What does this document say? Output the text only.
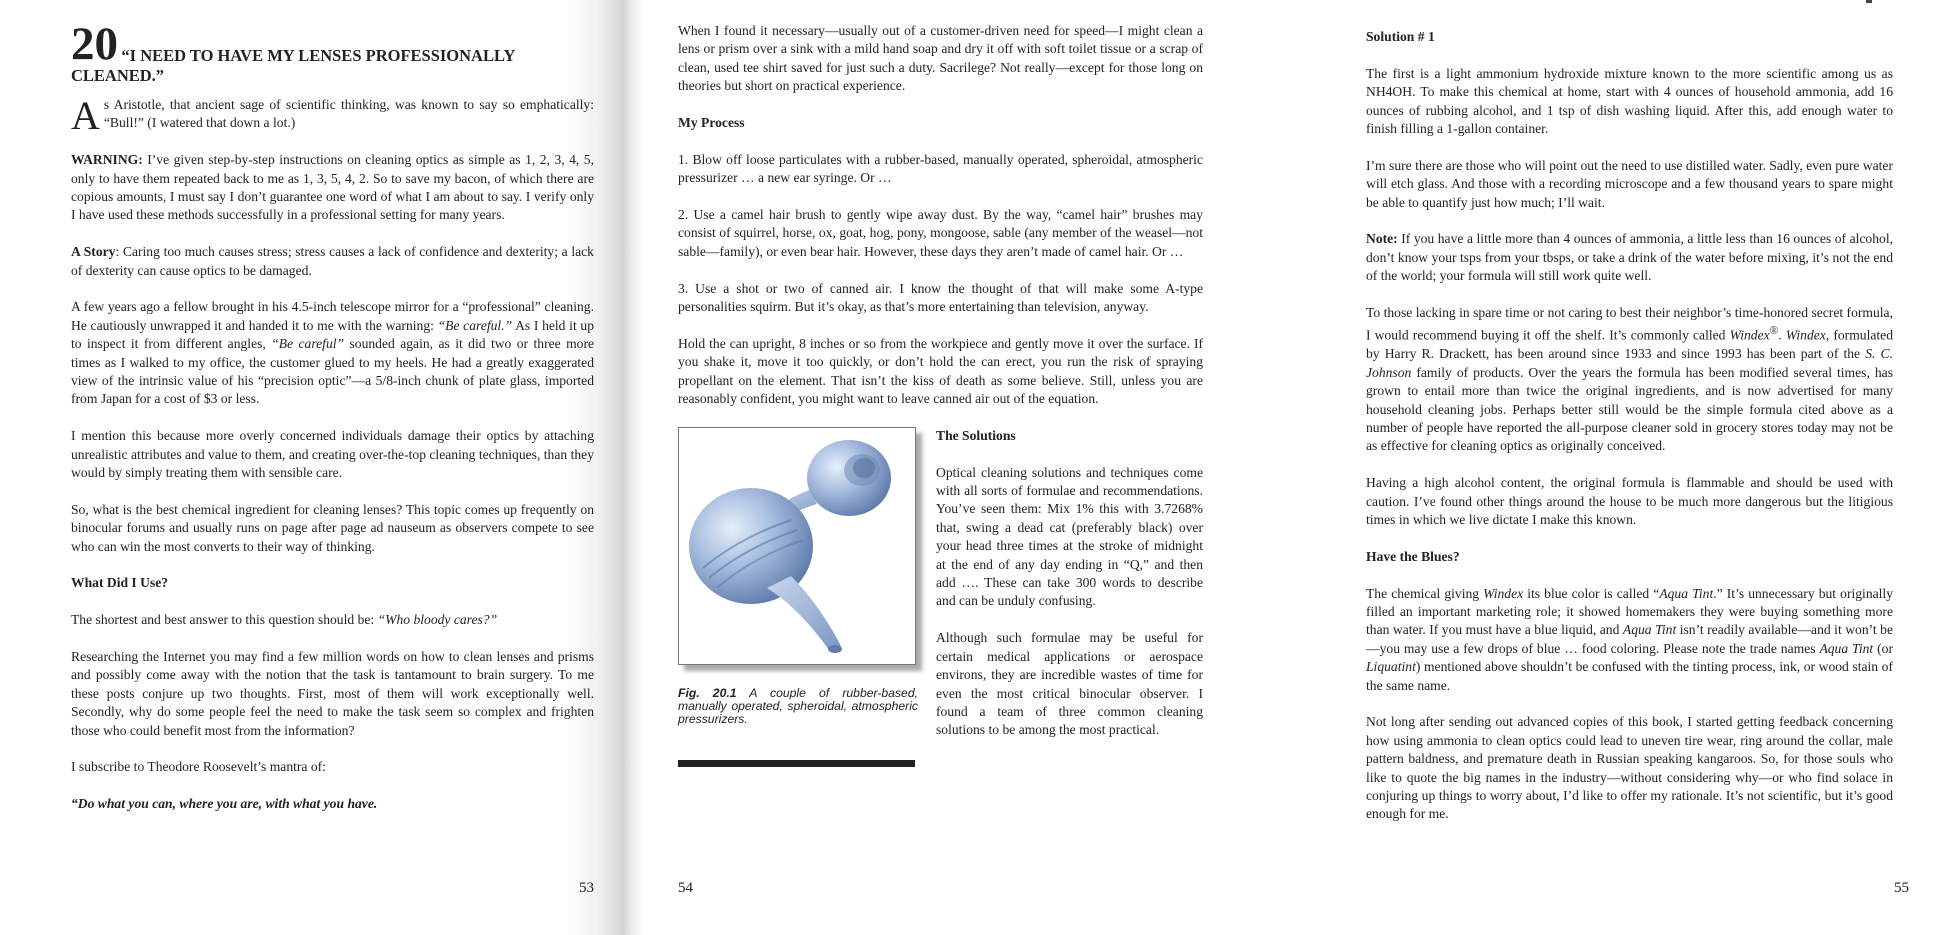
20 “I NEED TO HAVE MY LENSES PROFESSIONALLY CLEANED.”

As Aristotle, that ancient sage of scientific thinking, was known to say so emphatically: “Bull!” (I watered that down a lot.)

WARNING: I’ve given step-by-step instructions on cleaning optics as simple as 1, 2, 3, 4, 5, only to have them repeated back to me as 1, 3, 5, 4, 2. So to save my bacon, of which there are copious amounts, I must say I don’t guarantee one word of what I am about to say. I verify only I have used these methods successfully in a professional setting for many years.

A Story: Caring too much causes stress; stress causes a lack of confidence and dexterity; a lack of dexterity can cause optics to be damaged.

A few years ago a fellow brought in his 4.5-inch telescope mirror for a “professional” cleaning. He cautiously unwrapped it and handed it to me with the warning: “Be careful.” As I held it up to inspect it from different angles, “Be careful” sounded again, as it did two or three more times as I walked to my office, the customer glued to my heels. He had a greatly exaggerated view of the intrinsic value of his “precision optic”—a 5/8-inch chunk of plate glass, imported from Japan for a cost of $3 or less.

I mention this because more overly concerned individuals damage their optics by attaching unrealistic attributes and value to them, and creating over-the-top cleaning techniques, than they would by simply treating them with sensible care.

So, what is the best chemical ingredient for cleaning lenses? This topic comes up frequently on binocular forums and usually runs on page after page ad nauseum as observers compete to see who can win the most converts to their way of thinking.

What Did I Use?

The shortest and best answer to this question should be: “Who bloody cares?”

Researching the Internet you may find a few million words on how to clean lenses and prisms and possibly come away with the notion that the task is tantamount to brain surgery. To me these posts conjure up two thoughts. First, most of them will work exceptionally well. Secondly, why do some people feel the need to make the task seem so complex and frighten those who could benefit most from the information?

I subscribe to Theodore Roosevelt’s mantra of:

“Do what you can, where you are, with what you have.

53

When I found it necessary—usually out of a customer-driven need for speed—I might clean a lens or prism over a sink with a mild hand soap and dry it off with soft toilet tissue or a scrap of clean, used tee shirt saved for just such a duty. Sacrilege? Not really—except for those long on theories but short on practical experience.

My Process

1. Blow off loose particulates with a rubber-based, manually operated, spheroidal, atmospheric pressurizer … a new ear syringe. Or …

2. Use a camel hair brush to gently wipe away dust. By the way, “camel hair” brushes may consist of squirrel, horse, ox, goat, hog, pony, mongoose, sable (any member of the weasel—not sable—family), or even bear hair. However, these days they aren’t made of camel hair. Or …

3. Use a shot or two of canned air. I know the thought of that will make some A-type personalities squirm. But it’s okay, as that’s more entertaining than television, anyway.

Hold the can upright, 8 inches or so from the workpiece and gently move it over the surface. If you shake it, move it too quickly, or don’t hold the can erect, you run the risk of spraying propellant on the element. That isn’t the kiss of death as some believe. Still, unless you are reasonably confident, you might want to leave canned air out of the equation.

Fig. 20.1 A couple of rubber-based, manually operated, spheroidal, atmospheric pressurizers.

The Solutions

Optical cleaning solutions and techniques come with all sorts of formulae and recommendations. You’ve seen them: Mix 1% this with 3.7268% that, swing a dead cat (preferably black) over your head three times at the stroke of midnight at the end of any day ending in “Q,” and then add …. These can take 300 words to describe and can be unduly confusing.

Although such formulae may be useful for certain medical applications or aerospace environs, they are incredible wastes of time for even the most critical binocular observer. I found a team of three common cleaning solutions to be among the most practical.

54

Solution # 1

The first is a light ammonium hydroxide mixture known to the more scientific among us as NH4OH. To make this chemical at home, start with 4 ounces of household ammonia, add 16 ounces of rubbing alcohol, and 1 tsp of dish washing liquid. After this, add enough water to finish filling a 1-gallon container.

I’m sure there are those who will point out the need to use distilled water. Sadly, even pure water will etch glass. And those with a recording microscope and a few thousand years to spare might be able to quantify just how much; I’ll wait.

Note: If you have a little more than 4 ounces of ammonia, a little less than 16 ounces of alcohol, don’t know your tsps from your tbsps, or take a drink of the water before mixing, it’s not the end of the world; your formula will still work quite well.

To those lacking in spare time or not caring to best their neighbor’s time-honored secret formula, I would recommend buying it off the shelf. It’s commonly called Windex®. Windex, formulated by Harry R. Drackett, has been around since 1933 and since 1993 has been part of the S. C. Johnson family of products. Over the years the formula has been modified several times, has grown to entail more than twice the original ingredients, and is now advertised for many household cleaning jobs. Perhaps better still would be the simple formula cited above as a number of people have reported the all-purpose cleaner sold in grocery stores today may not be as effective for cleaning optics as originally conceived.

Having a high alcohol content, the original formula is flammable and should be used with caution. I’ve found other things around the house to be much more dangerous but the litigious times in which we live dictate I make this known.

Have the Blues?

The chemical giving Windex its blue color is called “Aqua Tint.” It’s unnecessary but originally filled an important marketing role; it showed homemakers they were buying something more than water. If you must have a blue liquid, and Aqua Tint isn’t readily available—and it won’t be—you may use a few drops of blue … food coloring. Please note the trade names Aqua Tint (or Liquatint) mentioned above shouldn’t be confused with the tinting process, ink, or wood stain of the same name.

Not long after sending out advanced copies of this book, I started getting feedback concerning how using ammonia to clean optics could lead to uneven tire wear, ring around the collar, male pattern baldness, and premature death in Russian speaking kangaroos. So, for those souls who like to quote the big names in the industry—without considering why—or who find solace in conjuring up things to worry about, I’d like to offer my rationale. It’s not scientific, but it’s good enough for me.

55
